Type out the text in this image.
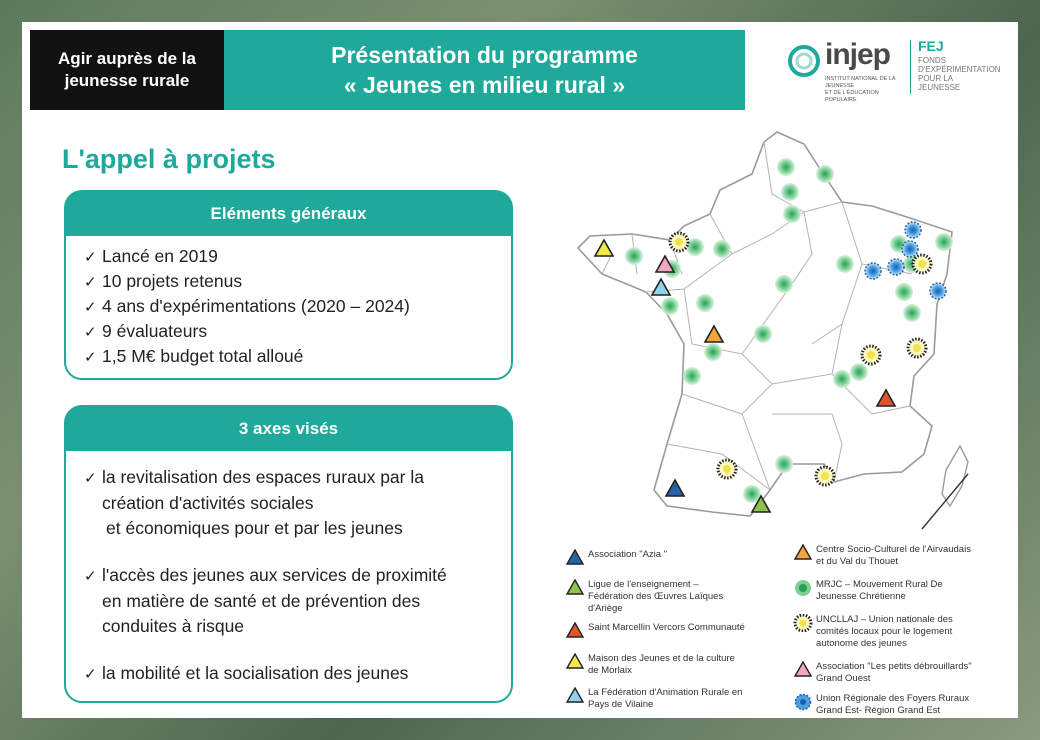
Agir auprès de la
jeunesse rurale
Présentation du programme
« Jeunes en milieu rural »
injep
INSTITUT NATIONAL DE LA JEUNESSE
ET DE L'ÉDUCATION POPULAIRE
FEJ
FONDS
D'EXPÉRIMENTATION
POUR LA
JEUNESSE
L'appel à projets
Eléments généraux
✓ Lancé en 2019
✓ 10 projets retenus
✓ 4 ans d'expérimentations (2020 – 2024)
✓ 9 évaluateurs
✓ 1,5 M€ budget total alloué
3 axes visés
✓ la revitalisation des espaces ruraux par la
création d'activités sociales
et économiques pour et par les jeunes
✓ l'accès des jeunes aux services de proximité
en matière de santé et de prévention des
conduites à risque
✓ la mobilité et la socialisation des jeunes
Association "Azia "
Ligue de l'enseignement –
Fédération des Œuvres Laïques
d'Ariège
Saint Marcellin Vercors Communauté
Maison des Jeunes et de la culture
de Morlaix
La Fédération d'Animation Rurale en
Pays de Vilaine
Centre Socio-Culturel de l'Airvaudais
et du Val du Thouet
MRJC – Mouvement Rural De
Jeunesse Chrétienne
UNCLLAJ – Union nationale des
comités locaux pour le logement
autonome des jeunes
Association "Les petits débrouillards"
Grand Ouest
Union Régionale des Foyers Ruraux
Grand Est- Région Grand Est
